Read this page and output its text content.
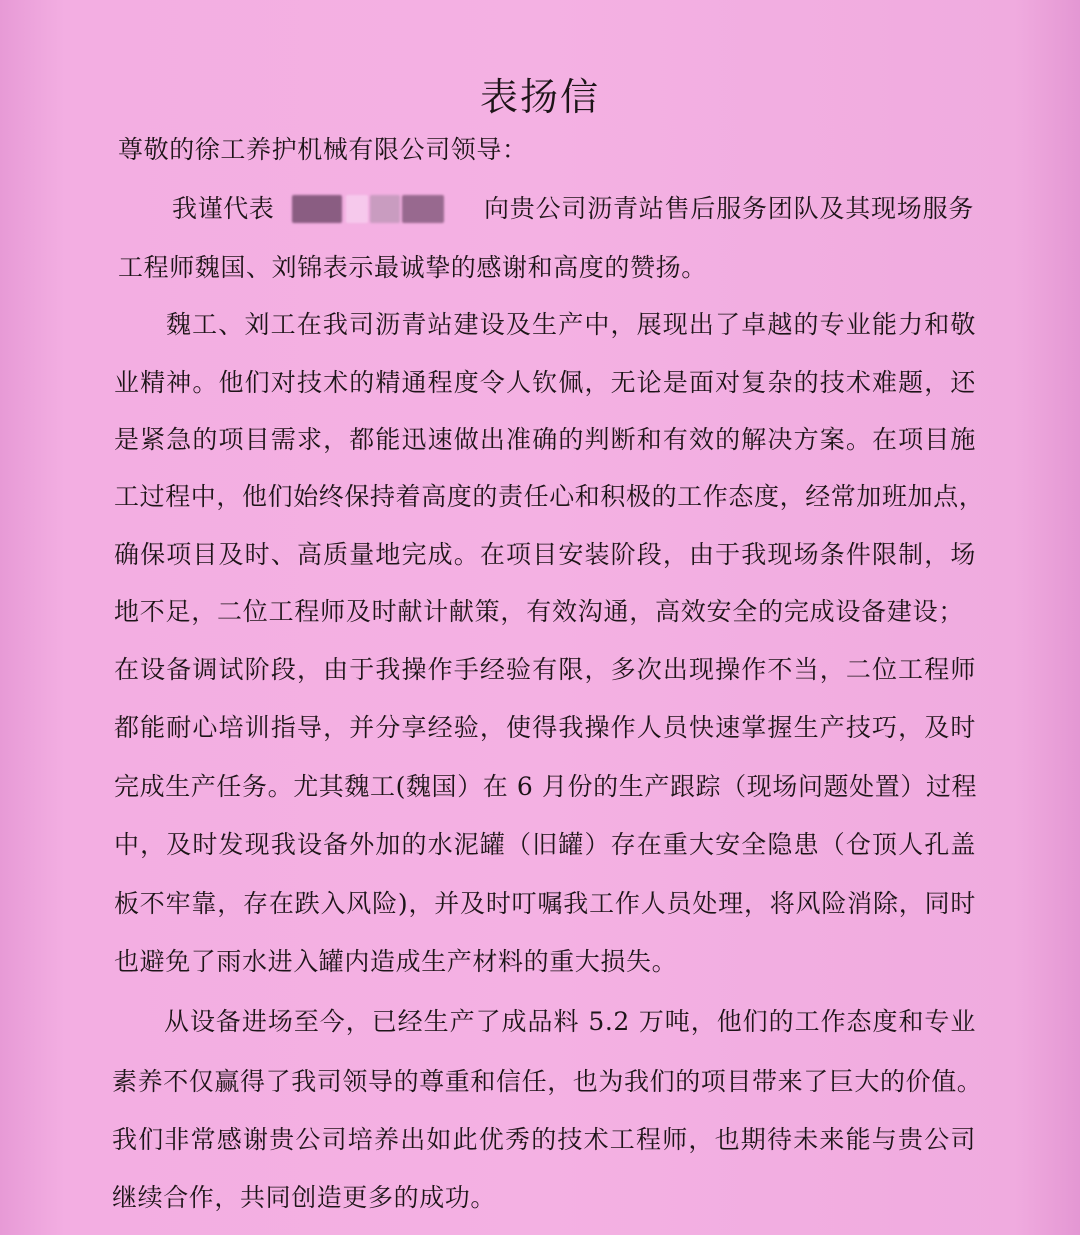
表扬信
尊敬的徐工养护机械有限公司领导：
我谨代表	向贵公司沥青站售后服务团队及其现场服务
工程师魏国、刘锦表示最诚挚的感谢和高度的赞扬。
魏工、刘工在我司沥青站建设及生产中，展现出了卓越的专业能力和敬
业精神。他们对技术的精通程度令人钦佩，无论是面对复杂的技术难题，还
是紧急的项目需求，都能迅速做出准确的判断和有效的解决方案。在项目施
工过程中，他们始终保持着高度的责任心和积极的工作态度，经常加班加点，
确保项目及时、高质量地完成。在项目安装阶段，由于我现场条件限制，场
地不足，二位工程师及时献计献策，有效沟通，高效安全的完成设备建设；
在设备调试阶段，由于我操作手经验有限，多次出现操作不当，二位工程师
都能耐心培训指导，并分享经验，使得我操作人员快速掌握生产技巧，及时
完成生产任务。尤其魏工(魏国）在 6 月份的生产跟踪（现场问题处置）过程
中，及时发现我设备外加的水泥罐（旧罐）存在重大安全隐患（仓顶人孔盖
板不牢靠，存在跌入风险)，并及时叮嘱我工作人员处理，将风险消除，同时
也避免了雨水进入罐内造成生产材料的重大损失。
从设备进场至今，已经生产了成品料 5.2 万吨，他们的工作态度和专业
素养不仅赢得了我司领导的尊重和信任，也为我们的项目带来了巨大的价值。
我们非常感谢贵公司培养出如此优秀的技术工程师，也期待未来能与贵公司
继续合作，共同创造更多的成功。
